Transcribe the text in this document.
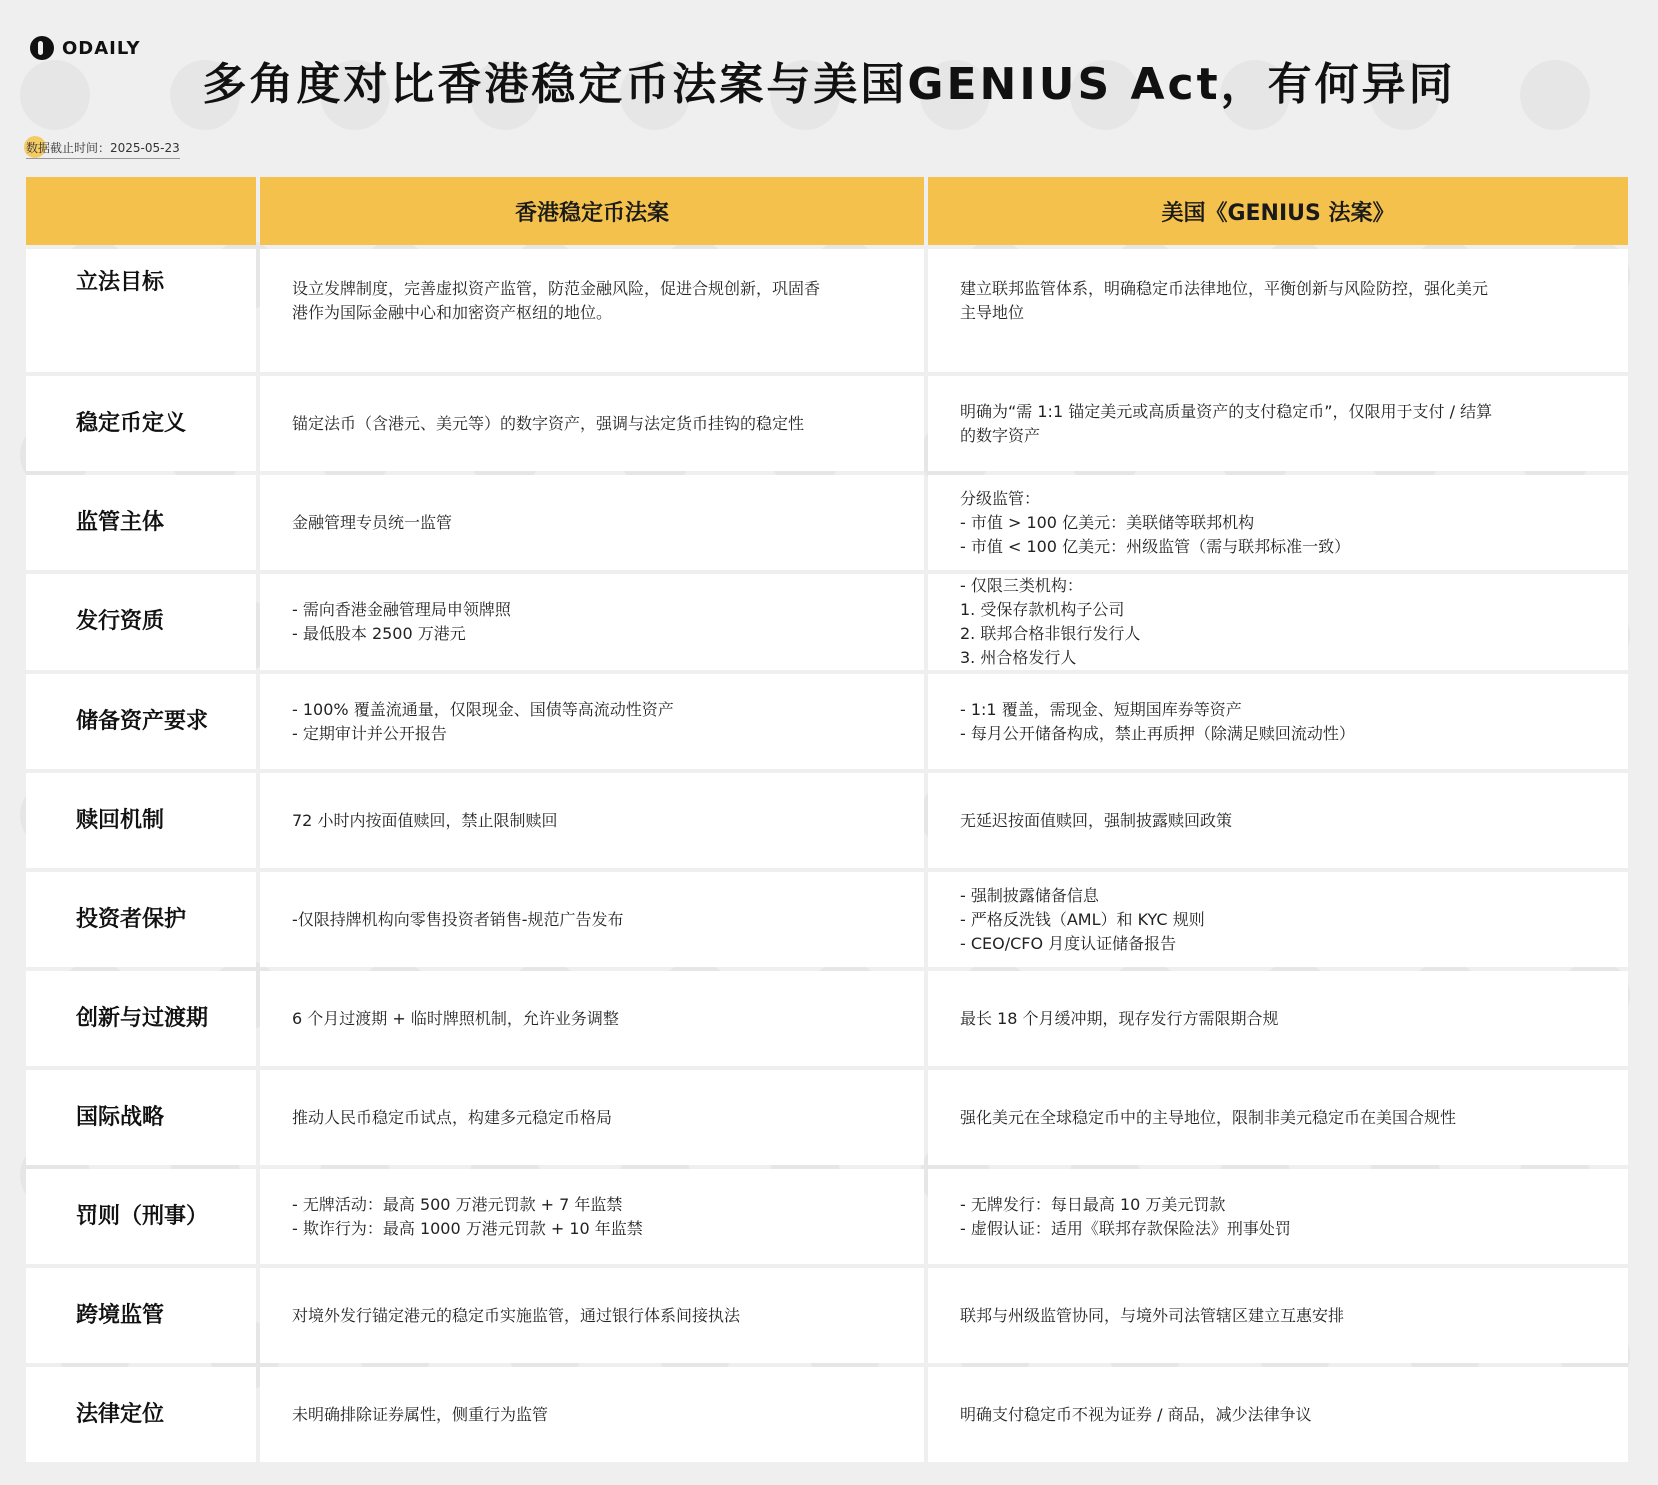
ODAILY
多角度对比香港稳定币法案与美国GENIUS Act，有何异同
数据截止时间：2025-05-23
	香港稳定币法案	美国《GENIUS 法案》
立法目标	设立发牌制度，完善虚拟资产监管，防范金融风险，促进合规创新，巩固香
港作为国际金融中心和加密资产枢纽的地位。	建立联邦监管体系，明确稳定币法律地位，平衡创新与风险防控，强化美元
主导地位

稳定币定义	锚定法币（含港元、美元等）的数字资产，强调与法定货币挂钩的稳定性	明确为“需 1:1 锚定美元或高质量资产的支付稳定币”，仅限用于支付 / 结算
的数字资产

监管主体	金融管理专员统一监管	分级监管：
- 市值 > 100 亿美元：美联储等联邦机构
- 市值 < 100 亿美元：州级监管（需与联邦标准一致）

发行资质	- 需向香港金融管理局申领牌照
- 最低股本 2500 万港元	- 仅限三类机构：
1. 受保存款机构子公司
2. 联邦合格非银行发行人
3. 州合格发行人

储备资产要求	- 100% 覆盖流通量，仅限现金、国债等高流动性资产
- 定期审计并公开报告	- 1:1 覆盖，需现金、短期国库券等资产
- 每月公开储备构成，禁止再质押（除满足赎回流动性）

赎回机制	72 小时内按面值赎回，禁止限制赎回	无延迟按面值赎回，强制披露赎回政策

投资者保护	-仅限持牌机构向零售投资者销售-规范广告发布	- 强制披露储备信息
- 严格反洗钱（AML）和 KYC 规则
- CEO/CFO 月度认证储备报告

创新与过渡期	6 个月过渡期 + 临时牌照机制，允许业务调整	最长 18 个月缓冲期，现存发行方需限期合规

国际战略	推动人民币稳定币试点，构建多元稳定币格局	强化美元在全球稳定币中的主导地位，限制非美元稳定币在美国合规性

罚则（刑事）	- 无牌活动：最高 500 万港元罚款 + 7 年监禁
- 欺诈行为：最高 1000 万港元罚款 + 10 年监禁	- 无牌发行：每日最高 10 万美元罚款
- 虚假认证：适用《联邦存款保险法》刑事处罚

跨境监管	对境外发行锚定港元的稳定币实施监管，通过银行体系间接执法	联邦与州级监管协同，与境外司法管辖区建立互惠安排

法律定位	未明确排除证券属性，侧重行为监管	明确支付稳定币不视为证券 / 商品，减少法律争议
